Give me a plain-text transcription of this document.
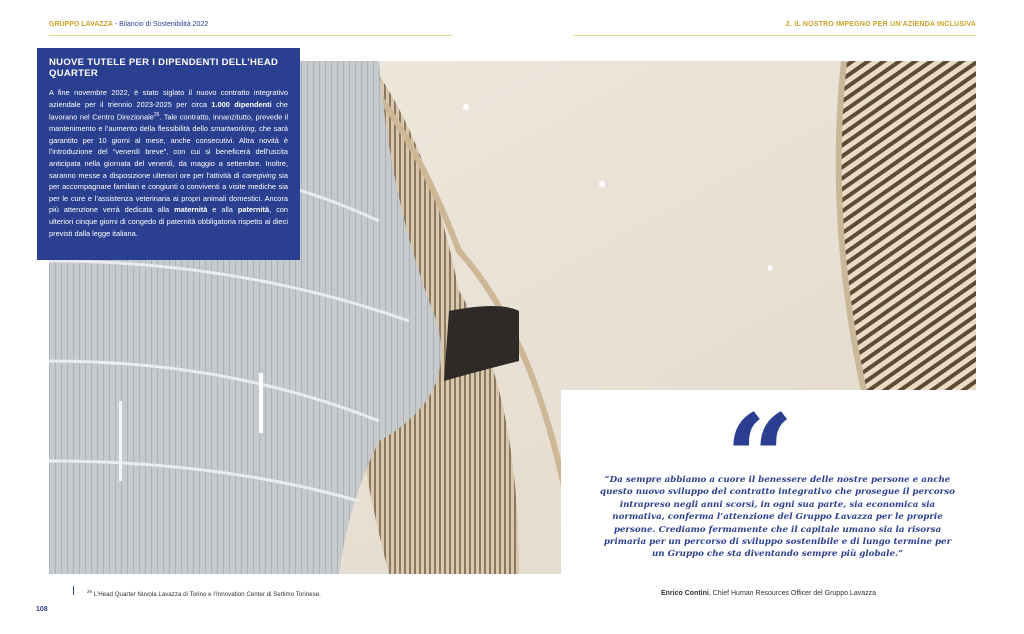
GRUPPO LAVAZZA - Bilancio di Sostenibilità 2022	2. IL NOSTRO IMPEGNO PER UN’AZIENDA INCLUSIVA
NUOVE TUTELE PER I DIPENDENTI DELL’HEAD QUARTER

A fine novembre 2022, è stato siglato il nuovo contratto integrativo aziendale per il triennio 2023-2025 per circa 1.000 dipendenti che lavorano nel Centro Direzionale$^{26}$. Tale contratto, innanzitutto, prevede il mantenimento e l’aumento della flessibilità dello smartworking, che sarà garantito per 10 giorni al mese, anche consecutivi. Altra novità è l’introduzione del “venerdì breve”, con cui si beneficerà dell’uscita anticipata nella giornata del venerdì, da maggio a settembre. Inoltre, saranno messe a disposizione ulteriori ore per l’attività di caregiving sia per accompagnare familiari e congiunti o conviventi a visite mediche sia per le cure e l’assistenza veterinaria ai propri animali domestici. Ancora più attenzione verrà dedicata alla maternità e alla paternità, con ulteriori cinque giorni di congedo di paternità obbligatoria rispetto ai dieci previsti dalla legge italiana.

“
“Da sempre abbiamo a cuore il benessere delle nostre persone e anche questo nuovo sviluppo del contratto integrativo che prosegue il percorso intrapreso negli anni scorsi, in ogni sua parte, sia economica sia normativa, conferma l’attenzione del Gruppo Lavazza per le proprie persone. Crediamo fermamente che il capitale umano sia la risorsa primaria per un percorso di sviluppo sostenibile e di lungo termine per un Gruppo che sta diventando sempre più globale.”
Enrico Contini, Chief Human Resources Officer del Gruppo Lavazza
$^{26}$ L’Head Quarter Nuvola Lavazza di Torino e l’Innovation Center di Settimo Torinese.
108
